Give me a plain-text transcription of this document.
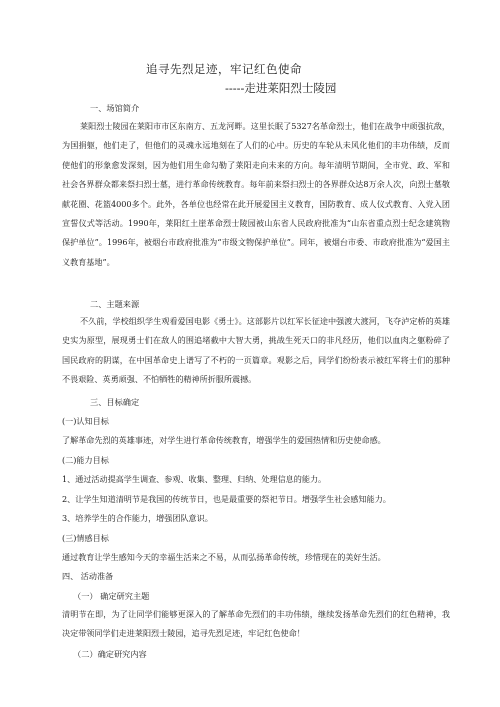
追寻先烈足迹，牢记红色使命
-----走进莱阳烈士陵园
一、场馆简介
莱阳烈士陵园在莱阳市市区东南方、五龙河畔。这里长眠了5327名革命烈士，他们在战争中顽强抗敌，为国捐躯，他们走了，但他们的灵魂永远地刻在了人们的心中。历史的车轮从未风化他们的丰功伟绩，反而使他们的形象愈发深刻，因为他们用生命勾勒了莱阳走向未来的方向。每年清明节期间，全市党、政、军和社会各界群众都来祭扫烈士墓，进行革命传统教育。每年前来祭扫烈士的各界群众达8万余人次，向烈士墓敬献花圈、花篮4000多个。此外，各单位也经常在此开展爱国主义教育，国防教育、成人仪式教育、入党入团宣誓仪式等活动。1990年，莱阳红土崖革命烈士陵园被山东省人民政府批准为“山东省重点烈士纪念建筑物保护单位”。1996年，被烟台市政府批准为“市级文物保护单位”。同年，被烟台市委、市政府批准为“爱国主义教育基地”。
二、主题来源
不久前，学校组织学生观看爱国电影《勇士》。这部影片以红军长征途中强渡大渡河，飞夺泸定桥的英雄史实为原型，展现勇士们在敌人的围追堵截中大智大勇，挑战生死天口的非凡经历，他们以血肉之躯粉碎了国民政府的阴谋，在中国革命史上谱写了不朽的一页篇章。观影之后，同学们纷纷表示被红军将士们的那种不畏艰险、英勇顽强、不怕牺牲的精神所折服所震撼。
三、目标确定
(一)认知目标
了解革命先烈的英雄事迹，对学生进行革命传统教育，增强学生的爱国热情和历史使命感。
(二)能力目标
1、通过活动提高学生调查、参观、收集、整理、归纳、处理信息的能力。
2、让学生知道清明节是我国的传统节日，也是最重要的祭祀节日。增强学生社会感知能力。
3、培养学生的合作能力，增强团队意识。
(三)情感目标
通过教育让学生感知今天的幸福生活来之不易，从而弘扬革命传统，珍惜现在的美好生活。
四、 活动准备
（一） 确定研究主题
清明节在即，为了让同学们能够更深入的了解革命先烈们的丰功伟绩，继续发扬革命先烈们的红色精神，我决定带领同学们走进莱阳烈士陵园，追寻先烈足迹，牢记红色使命！
（二）确定研究内容
